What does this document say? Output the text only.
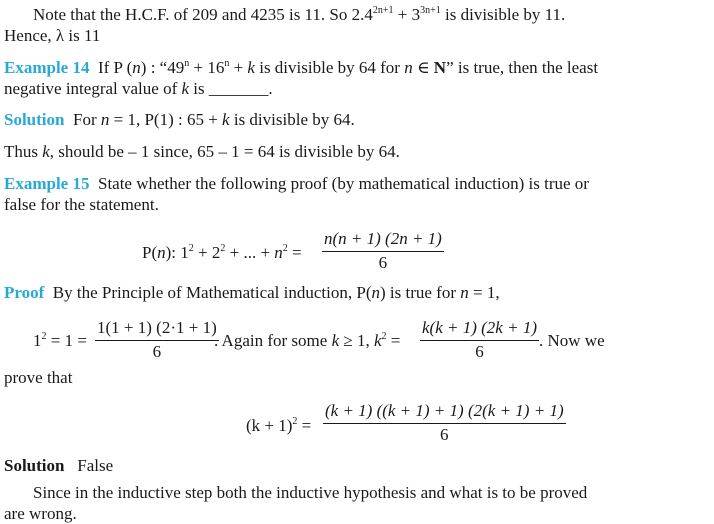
Note that the H.C.F. of 209 and 4235 is 11. So $2.4^{2n+1} + 3^{3n+1}$ is divisible by 11.
Hence, λ is 11
Example 14 If P (n) : “$49^n + 16^n + k$ is divisible by 64 for n ∈ N” is true, then the least
negative integral value of k is _______.
Solution For n = 1, P(1) : 65 + k is divisible by 64.
Thus k, should be – 1 since, 65 – 1 = 64 is divisible by 64.
Example 15 State whether the following proof (by mathematical induction) is true or
false for the statement.
P(n): $1^2 + 2^2$ + ... + $n^2 = \frac{n(n + 1) (2n + 1)}{6}$
Proof By the Principle of Mathematical induction, P(n) is true for n = 1,
$1^2 = 1 = \frac{1(1 + 1) (2\cdot 1 + 1)}{6}$
. Again for some k ≥ 1, $k^2 = \frac{k(k + 1) (2k + 1)}{6}$ . Now we
prove that
$(k + 1)^2 = \frac{(k + 1) ((k + 1) + 1) (2(k + 1) + 1)}{6}$
Solution False
Since in the inductive step both the inductive hypothesis and what is to be proved
are wrong.
